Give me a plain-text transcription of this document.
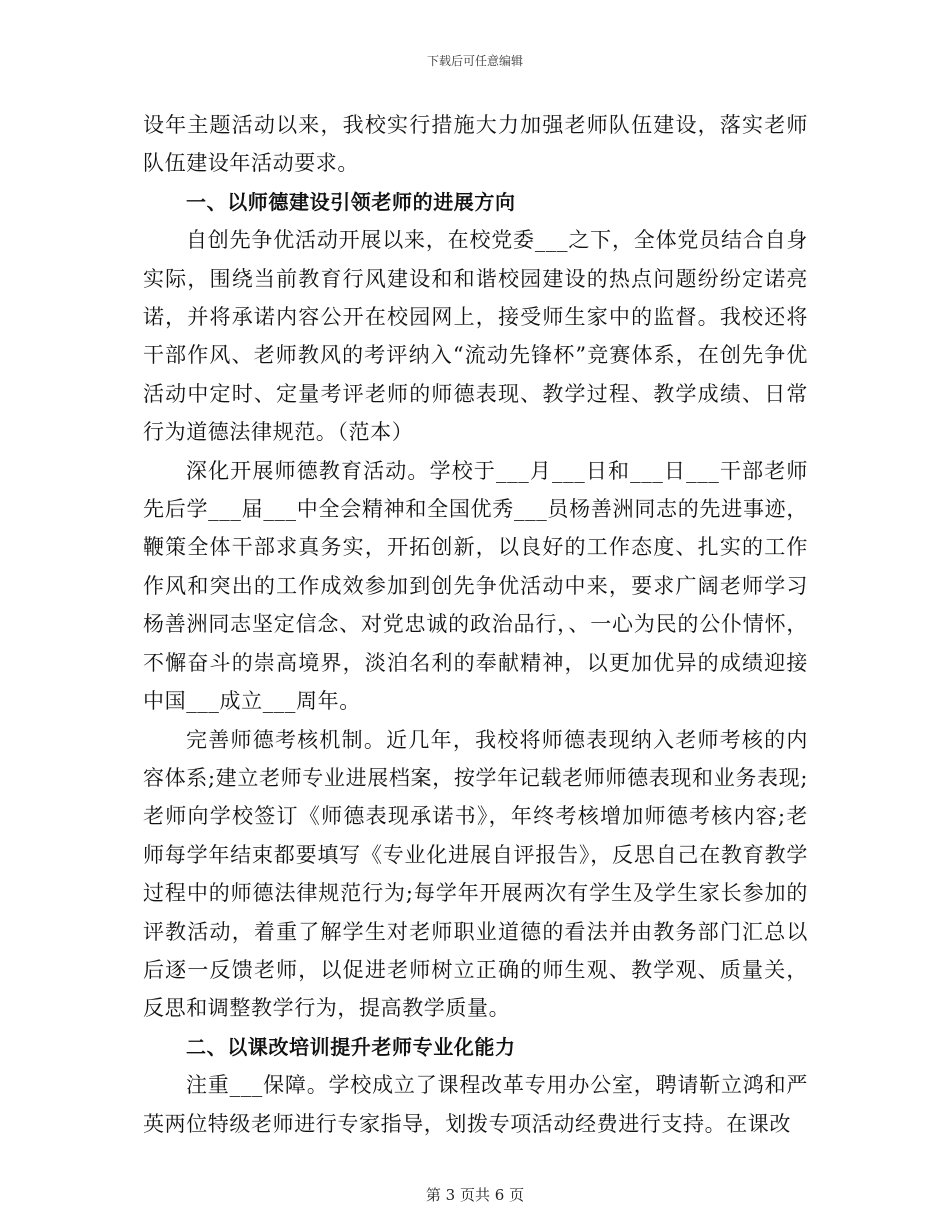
下载后可任意编辑

设年主题活动以来，我校实行措施大力加强老师队伍建设，落实老师队伍建设年活动要求。

一、以师德建设引领老师的进展方向

自创先争优活动开展以来，在校党委___之下，全体党员结合自身实际，围绕当前教育行风建设和和谐校园建设的热点问题纷纷定诺亮诺，并将承诺内容公开在校园网上，接受师生家中的监督。我校还将干部作风、老师教风的考评纳入“流动先锋杯”竞赛体系，在创先争优活动中定时、定量考评老师的师德表现、教学过程、教学成绩、日常行为道德法律规范。（范本）

深化开展师德教育活动。学校于___月___日和___日___干部老师先后学___届___中全会精神和全国优秀___员杨善洲同志的先进事迹，鞭策全体干部求真务实，开拓创新，以良好的工作态度、扎实的工作作风和突出的工作成效参加到创先争优活动中来，要求广阔老师学习杨善洲同志坚定信念、对党忠诚的政治品行，、一心为民的公仆情怀，不懈奋斗的崇高境界，淡泊名利的奉献精神，以更加优异的成绩迎接中国___成立___周年。

完善师德考核机制。近几年，我校将师德表现纳入老师考核的内容体系;建立老师专业进展档案，按学年记载老师师德表现和业务表现;老师向学校签订《师德表现承诺书》，年终考核增加师德考核内容;老师每学年结束都要填写《专业化进展自评报告》，反思自己在教育教学过程中的师德法律规范行为;每学年开展两次有学生及学生家长参加的评教活动，着重了解学生对老师职业道德的看法并由教务部门汇总以后逐一反馈老师，以促进老师树立正确的师生观、教学观、质量关，反思和调整教学行为，提高教学质量。

二、以课改培训提升老师专业化能力

注重___保障。学校成立了课程改革专用办公室，聘请靳立鸿和严英两位特级老师进行专家指导，划拨专项活动经费进行支持。在课改

第 3 页共 6 页
